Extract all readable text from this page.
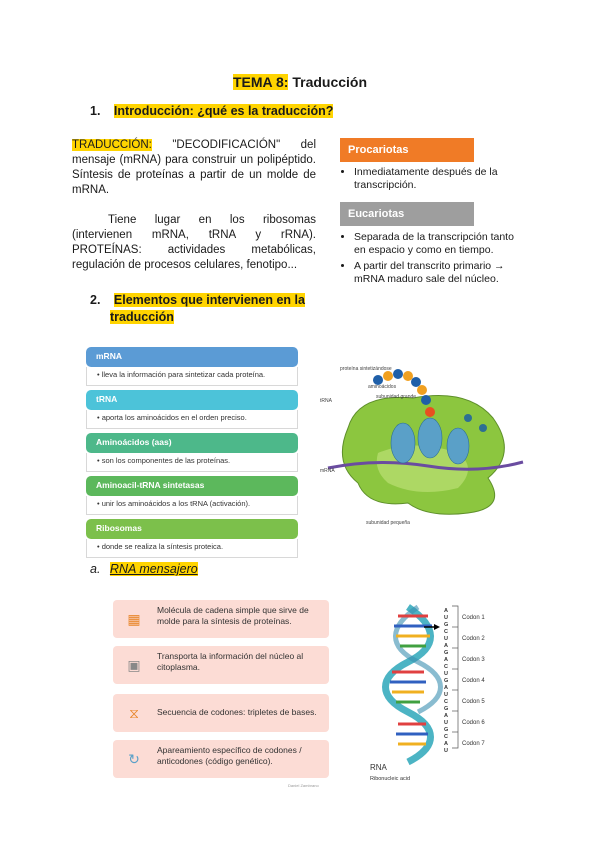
TEMA 8: Traducción
1. Introducción: ¿qué es la traducción?
TRADUCCIÓN: "DECODIFICACIÓN" del mensaje (mRNA) para construir un polipéptido. Síntesis de proteínas a partir de un molde de mRNA.
Tiene lugar en los ribosomas (intervienen mRNA, tRNA y rRNA). PROTEÍNAS: actividades metabólicas, regulación de procesos celulares, fenotipo...
Procariotas
• Inmediatamente después de la transcripción.
Eucariotas
• Separada de la transcripción tanto en espacio y como en tiempo.
• A partir del transcrito primario → mRNA maduro sale del núcleo.
2. Elementos que intervienen en la
traducción
mRNA
• lleva la información para sintetizar cada proteína.
tRNA
• aporta los aminoácidos en el orden preciso.
Aminoácidos (aas)
• son los componentes de las proteínas.
Aminoacil-tRNA sintetasas
• unir los aminoácidos a los tRNA (activación).
Ribosomas
• donde se realiza la síntesis proteica.
proteína sintetizándose
aminoácidos
subunidad grande
tRNA
mRNA
subunidad pequeña
a. RNA mensajero
▦
Molécula de cadena simple que sirve de molde para la síntesis de proteínas.
▣
Transporta la información del núcleo al citoplasma.
⧖	Secuencia de codones: tripletes de bases.
↻
Apareamiento específico de codones / anticodones (código genético).
Daniel Zambrano
A
U
G
C
U
A
G
A
C
U
G
A
U
C
G
A
U
G
C
A
U
Codon 1
Codon 2
Codon 3
Codon 4
Codon 5
Codon 6
Codon 7
RNA
Ribonucleic acid
